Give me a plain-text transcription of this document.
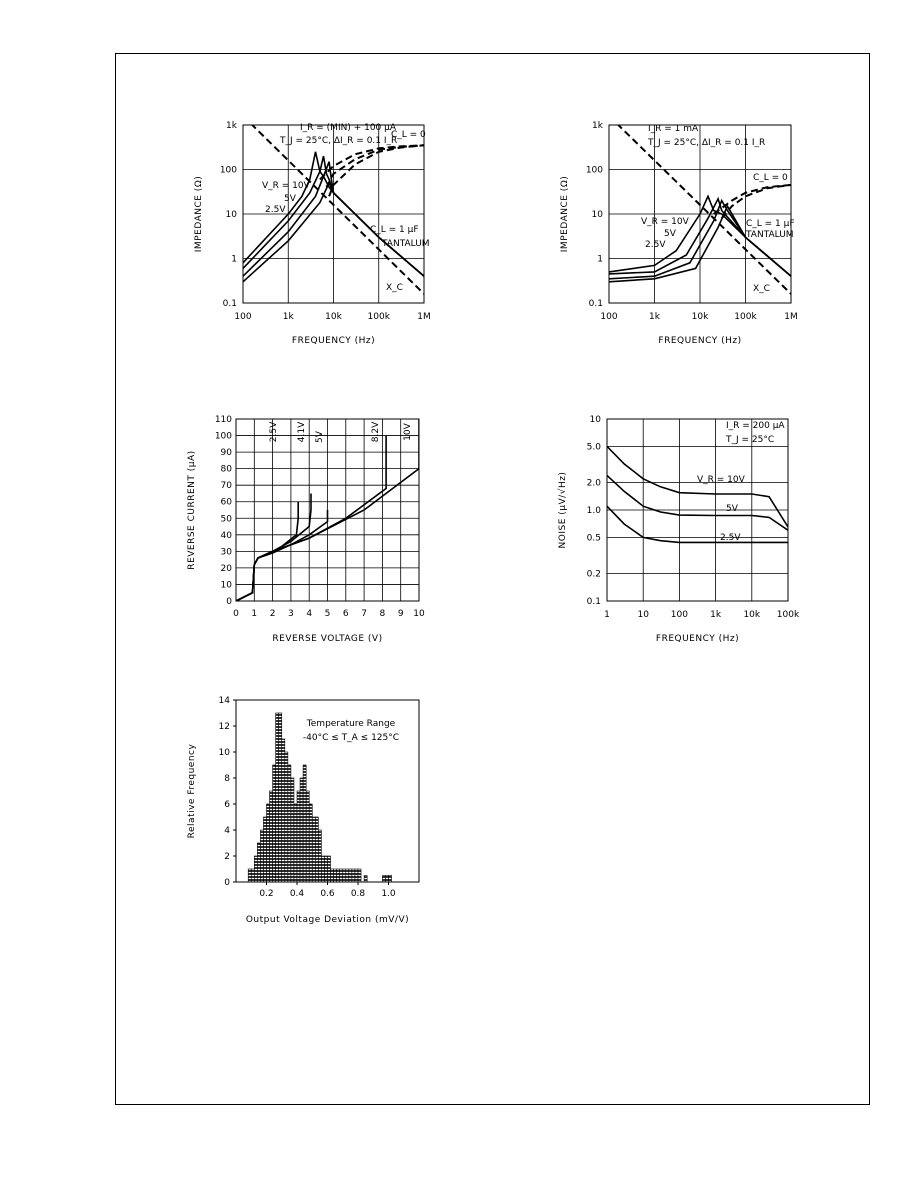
100	1k	10k	100k	1M
0.1
1
10
100
1k
FREQUENCY (Hz)
IMPEDANCE (Ω)
I_R = (MIN) + 100 µA
T_J = 25°C, ΔI_R = 0.1 I_R
C_L = 0
V_R = 10V
5V
2.5V
C_L = 1 µF
TANTALUM
X_C
100	1k	10k	100k	1M
0.1
1
10
100
1k
FREQUENCY (Hz)
IMPEDANCE (Ω)
I_R = 1 mA
T_J = 25°C, ΔI_R = 0.1 I_R
C_L = 0
V_R = 10V
5V
2.5V
C_L = 1 µF
TANTALUM
X_C
0 1 2 3 4 5 6 7 8 9 10
0
10
20
30
40
50
60
70
80
90
100
110
REVERSE VOLTAGE (V)
REVERSE CURRENT (µA)
2.5V 4.1V 5V	8.2V 10V
1	10 100 1k 10k 100k
0.1
0.2
0.5
1.0
2.0
5.0
10
FREQUENCY (Hz)
NOISE (µV/√Hz)
I_R = 200 µA
T_J = 25°C
V_R = 10V
5V
2.5V
0.2 0.4 0.6 0.8 1.0
0
2
4
6
8
10
12
14
Output Voltage Deviation (mV/V)
Relative Frequency
Temperature Range
-40°C ≤ T_A ≤ 125°C
